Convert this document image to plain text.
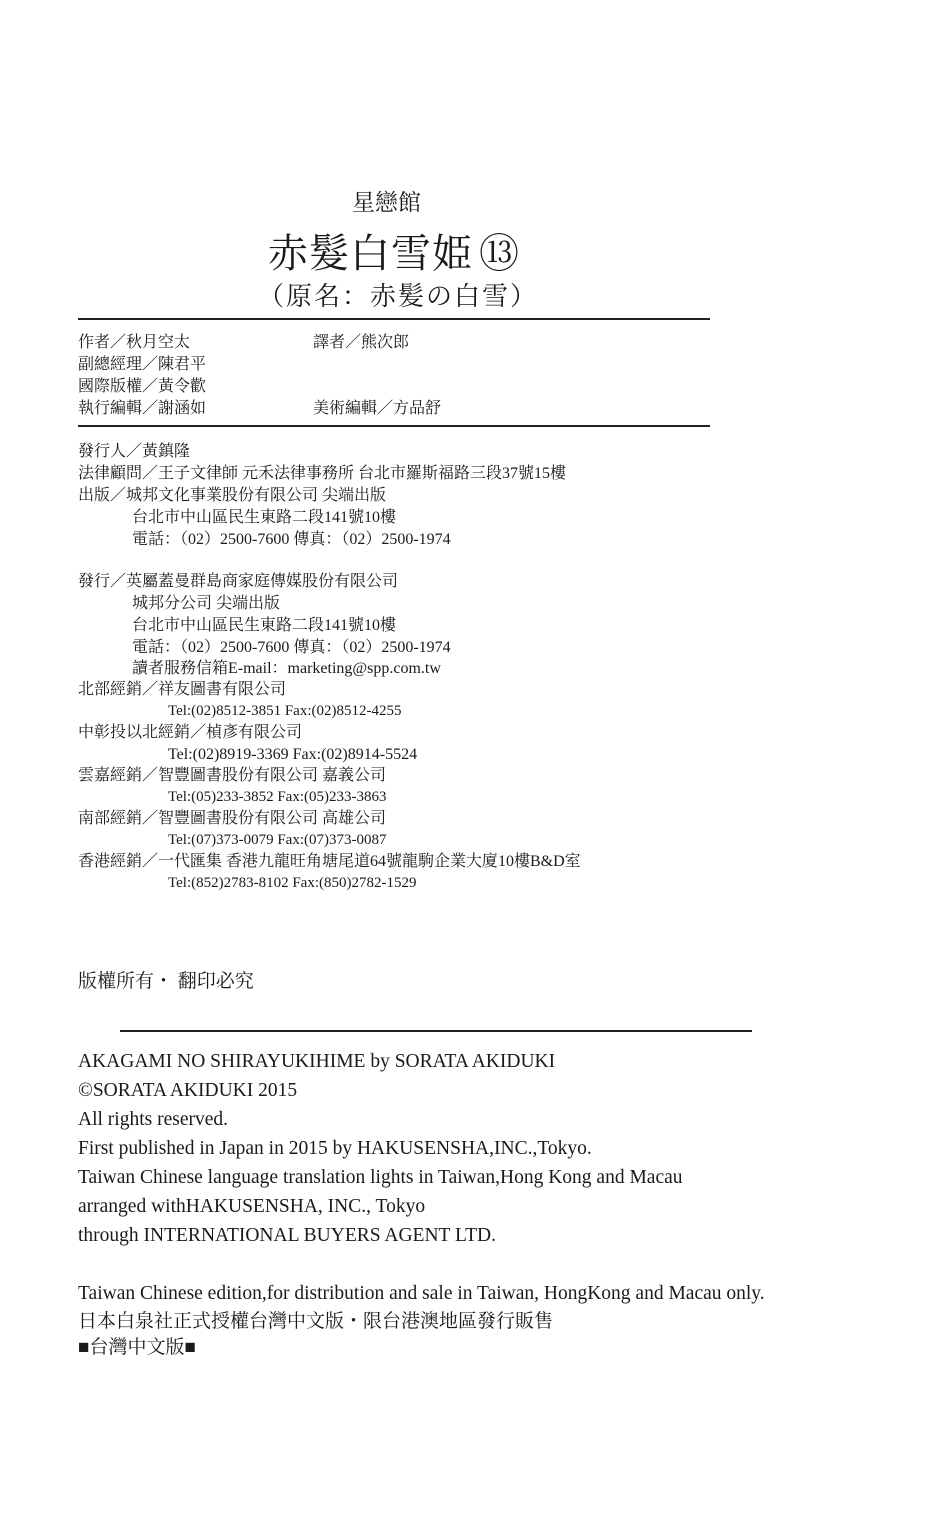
星戀館
赤髮白雪姫 ⑬
（原名：赤髪の白雪）
作者／秋月空太	譯者／熊次郎
副總經理／陳君平
國際版權／黃令歡
執行編輯／謝涵如	美術編輯／方品舒
發行人／黃鎮隆
法律顧問／王子文律師 元禾法律事務所 台北市羅斯福路三段37號15樓
出版／城邦文化事業股份有限公司 尖端出版
台北市中山區民生東路二段141號10樓
電話：（02）2500-7600 傳真：（02）2500-1974
發行／英屬蓋曼群島商家庭傳媒股份有限公司
城邦分公司 尖端出版
台北市中山區民生東路二段141號10樓
電話：（02）2500-7600 傳真：（02）2500-1974
讀者服務信箱E-mail：marketing@spp.com.tw
北部經銷／祥友圖書有限公司
Tel:(02)8512-3851 Fax:(02)8512-4255
中彰投以北經銷／楨彥有限公司
Tel:(02)8919-3369 Fax:(02)8914-5524
雲嘉經銷／智豐圖書股份有限公司 嘉義公司
Tel:(05)233-3852 Fax:(05)233-3863
南部經銷／智豐圖書股份有限公司 高雄公司
Tel:(07)373-0079 Fax:(07)373-0087
香港經銷／一代匯集 香港九龍旺角塘尾道64號龍駒企業大廈10樓B&D室
Tel:(852)2783-8102 Fax:(850)2782-1529
版權所有・ 翻印必究
AKAGAMI NO SHIRAYUKIHIME by SORATA AKIDUKI
©SORATA AKIDUKI 2015
All rights reserved.
First published in Japan in 2015 by HAKUSENSHA,INC.,Tokyo.
Taiwan Chinese language translation lights in Taiwan,Hong Kong and Macau
arranged withHAKUSENSHA, INC., Tokyo
through INTERNATIONAL BUYERS AGENT LTD.
Taiwan Chinese edition,for distribution and sale in Taiwan, HongKong and Macau only.
日本白泉社正式授權台灣中文版・限台港澳地區發行販售
■台灣中文版■
